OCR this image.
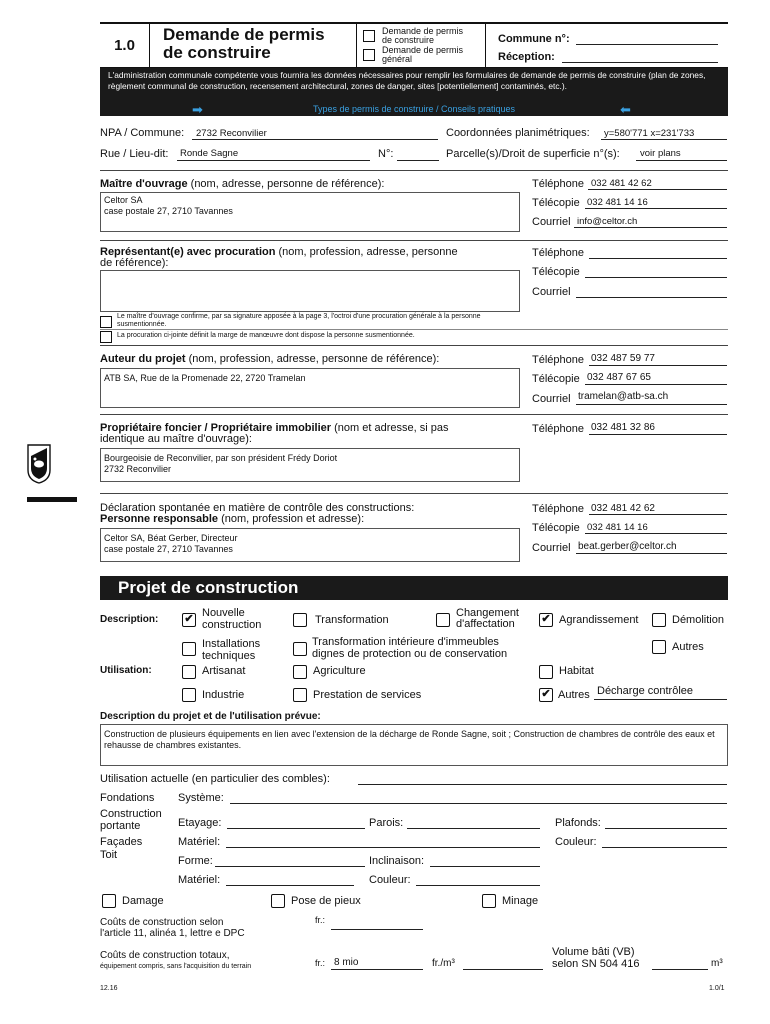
1.0
Demande de permis
de construire
Demande de permis
de construire
Demande de permis
général
Commune n°:
Réception:
L'administration communale compétente vous fournira les données nécessaires pour remplir les formulaires de demande de permis de construire (plan de zones, règlement communal de construction, recensement architectural, zones de danger, sites [potentiellement] contaminés, etc.).
➡	Types de permis de construire / Conseils pratiques	⬅
NPA / Commune: 2732 Reconvilier	Coordonnées planimétriques: y=580'771 x=231'733
Rue / Lieu-dit: Ronde Sagne	N°:	Parcelle(s)/Droit de superficie n°(s): voir plans
Maître d'ouvrage (nom, adresse, personne de référence):
Celtor SA
case postale 27, 2710 Tavannes
Téléphone 032 481 42 62
Télécopie 032 481 14 16
Courriel info@celtor.ch
Représentant(e) avec procuration (nom, profession, adresse, personne
de référence):
Téléphone
Télécopie
Courriel
Le maître d'ouvrage confirme, par sa signature apposée à la page 3, l'octroi d'une procuration générale à la personne susmentionnée.
La procuration ci-jointe définit la marge de manœuvre dont dispose la personne susmentionnée.
Auteur du projet (nom, profession, adresse, personne de référence):
ATB SA, Rue de la Promenade 22, 2720 Tramelan
Téléphone 032 487 59 77
Télécopie 032 487 67 65
Courriel tramelan@atb-sa.ch
Propriétaire foncier / Propriétaire immobilier (nom et adresse, si pas
identique au maître d'ouvrage):
Bourgeoisie de Reconvilier, par son président Frédy Doriot
2732 Reconvilier
Téléphone 032 481 32 86
Déclaration spontanée en matière de contrôle des constructions:
Personne responsable (nom, profession et adresse):
Celtor SA, Béat Gerber, Directeur
case postale 27, 2710 Tavannes
Téléphone 032 481 42 62
Télécopie 032 481 14 16
Courriel beat.gerber@celtor.ch
Projet de construction
Description: ✔ Nouvelle
construction	Transformation
Changement
d'affectation	✔ Agrandissement	Démolition
Installations
techniques
Transformation intérieure d'immeubles
dignes de protection ou de conservation
Autres
Utilisation:	Artisanat	Agriculture	Habitat
Industrie	Prestation de services	✔ Autres Décharge contrôlee
Description du projet et de l'utilisation prévue:
Construction de plusieurs équipements en lien avec l'extension de la décharge de Ronde Sagne, soit ; Construction de chambres de contrôle des eaux et rehausse de chambres existantes.
Utilisation actuelle (en particulier des combles):
Fondations Système:
Construction
portante	Etayage:	Parois:	Plafonds:
Façades
Toit
Matériel:	Couleur:
Forme:	Inclinaison:
Matériel:	Couleur:
Damage	Pose de pieux	Minage
Coûts de construction selon
l'article 11, alinéa 1, lettre e DPC
fr.:
Coûts de construction totaux,
équipement compris, sans l'acquisition du terrain	fr.: 8 mio	fr./m³
Volume bâti (VB)
selon SN 504 416	m³
12.16	1.0/1
